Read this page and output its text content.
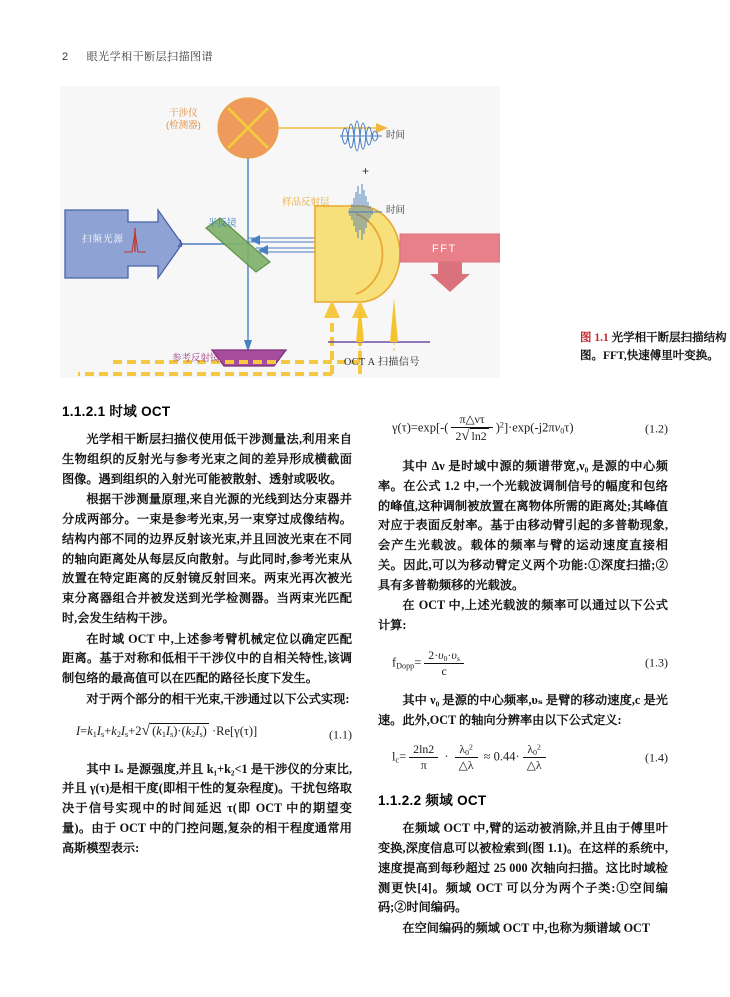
2 眼光学相干断层扫描图谱
干涉仪
(检测器)
扫频光源	λ
半反镜
样品反射层
参考反射镜
时间
时间
+
FFT
OCT A 扫描信号
图 1.1 光学相干断层扫描结构图。FFT,快速傅里叶变换。
1.1.2.1 时域 OCT

光学相干断层扫描仪使用低干涉测量法,利用来自生物组织的反射光与参考光束之间的差异形成横截面图像。遇到组织的入射光可能被散射、透射或吸收。

根据干涉测量原理,来自光源的光线到达分束器并分成两部分。一束是参考光束,另一束穿过成像结构。结构内部不同的边界反射该光束,并且回波光束在不同的轴向距离处从每层反向散射。与此同时,参考光束从放置在特定距离的反射镜反射回来。两束光再次被光束分离器组合并被发送到光学检测器。当两束光匹配时,会发生结构干涉。

在时域 OCT 中,上述参考臂机械定位以确定匹配距离。基于对称和低相干干涉仪中的自相关特性,该调制包络的最高值可以在匹配的路径长度下发生。

对于两个部分的相干光束,干涉通过以下公式实现:

$I=k_1I_s+k_2I_s+2√$ $(k_1I_s)\cdot(k_2I_s) \cdot Re[\gamma(\tau)]$	(1.1)

其中 Iₛ 是源强度,并且 k₁+k₂<1 是干涉仪的分束比,并且 γ(τ)是相干度(即相干性的复杂程度)。干扰包络取决于信号实现中的时间延迟 τ(即 OCT 中的期望变量)。由于 OCT 中的门控问题,复杂的相干程度通常用高斯模型表示:

$\gamma(\tau)=\exp[-( \frac{\pi\triangle\nu\tau}{2√ \ln 2} )^2]\cdot\exp(-j2\pi\nu_0\tau)$	(1.2)

其中 Δν 是时域中源的频谱带宽,ν₀ 是源的中心频率。在公式 1.2 中,一个光载波调制信号的幅度和包络的峰值,这种调制被放置在离物体所需的距离处;其峰值对应于表面反射率。基于由移动臂引起的多普勒现象,会产生光载波。载体的频率与臂的运动速度直接相关。因此,可以为移动臂定义两个功能:①深度扫描;②具有多普勒频移的光载波。

在 OCT 中,上述光载波的频率可以通过以下公式计算:

$f_{Dopp}= \frac{2\cdot\upsilon_0\cdot\upsilon_s}{c}$	(1.3)

其中 ν₀ 是源的中心频率,υₛ 是臂的移动速度,c 是光速。此外,OCT 的轴向分辨率由以下公式定义:

$l_c= \frac{2\ln 2}{\pi} \cdot \frac{\lambda_0^2}{\triangle\lambda} \approx 0.44\cdot \frac{\lambda_0^2}{\triangle\lambda}$	(1.4)
1.1.2.2 频域 OCT

在频域 OCT 中,臂的运动被消除,并且由于傅里叶变换,深度信息可以被检索到(图 1.1)。在这样的系统中,速度提高到每秒超过 25 000 次轴向扫描。这比时域检测更快[4]。频域 OCT 可以分为两个子类:①空间编码;②时间编码。

在空间编码的频域 OCT 中,也称为频谱域 OCT
